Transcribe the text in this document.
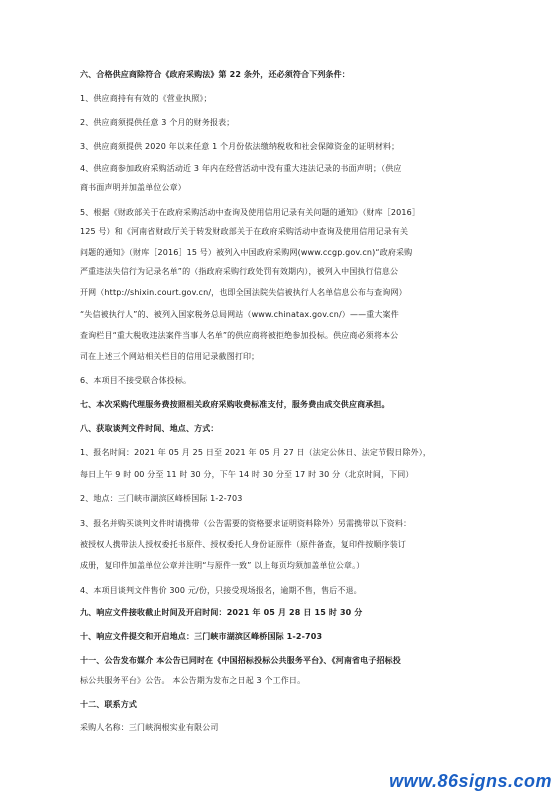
六、合格供应商除符合《政府采购法》第 22 条外，还必须符合下列条件：
1、供应商持有有效的《营业执照》；
2、供应商须提供任意 3 个月的财务报表；
3、供应商须提供 2020 年以来任意 1 个月份依法缴纳税收和社会保障资金的证明材料；
4、供应商参加政府采购活动近 3 年内在经营活动中没有重大违法记录的书面声明；（供应
商书面声明并加盖单位公章）
5、根据《财政部关于在政府采购活动中查询及使用信用记录有关问题的通知》（财库［2016］
125 号）和《河南省财政厅关于转发财政部关于在政府采购活动中查询及使用信用记录有关
问题的通知》（财库［2016］15 号）被列入中国政府采购网(www.ccgp.gov.cn)“政府采购
严重违法失信行为记录名单”的（指政府采购行政处罚有效期内），被列入中国执行信息公
开网（http://shixin.court.gov.cn/，也即全国法院失信被执行人名单信息公布与查询网）
“失信被执行人”的、被列入国家税务总局网站（www.chinatax.gov.cn/）——重大案件
查询栏目“重大税收违法案件当事人名单”的供应商将被拒绝参加投标。供应商必须将本公
司在上述三个网站相关栏目的信用记录截图打印；
6、本项目不接受联合体投标。
七、本次采购代理服务费按照相关政府采购收费标准支付，服务费由成交供应商承担。
八、获取谈判文件时间、地点、方式：
1、报名时间：2021 年 05 月 25 日至 2021 年 05 月 27 日（法定公休日、法定节假日除外），
每日上午 9 时 00 分至 11 时 30 分，下午 14 时 30 分至 17 时 30 分（北京时间，下同）
2、地点：三门峡市湖滨区峰桥国际 1-2-703
3、报名并购买谈判文件时请携带（公告需要的资格要求证明资料除外）另需携带以下资料：
被授权人携带法人授权委托书原件、授权委托人身份证原件（原件备查，复印件按顺序装订
成册，复印件加盖单位公章并注明“与原件一致” 以上每页均须加盖单位公章。）
4、本项目谈判文件售价 300 元/份，只接受现场报名，逾期不售，售后不退。
九、响应文件接收截止时间及开启时间：2021 年 05 月 28 日 15 时 30 分
十、响应文件提交和开启地点：三门峡市湖滨区峰桥国际 1-2-703
十一、公告发布媒介 本公告已同时在《中国招标投标公共服务平台》、《河南省电子招标投
标公共服务平台》公告。 本公告期为发布之日起 3 个工作日。
十二、联系方式
采购人名称：三门峡润根实业有限公司
www.86signs.com
